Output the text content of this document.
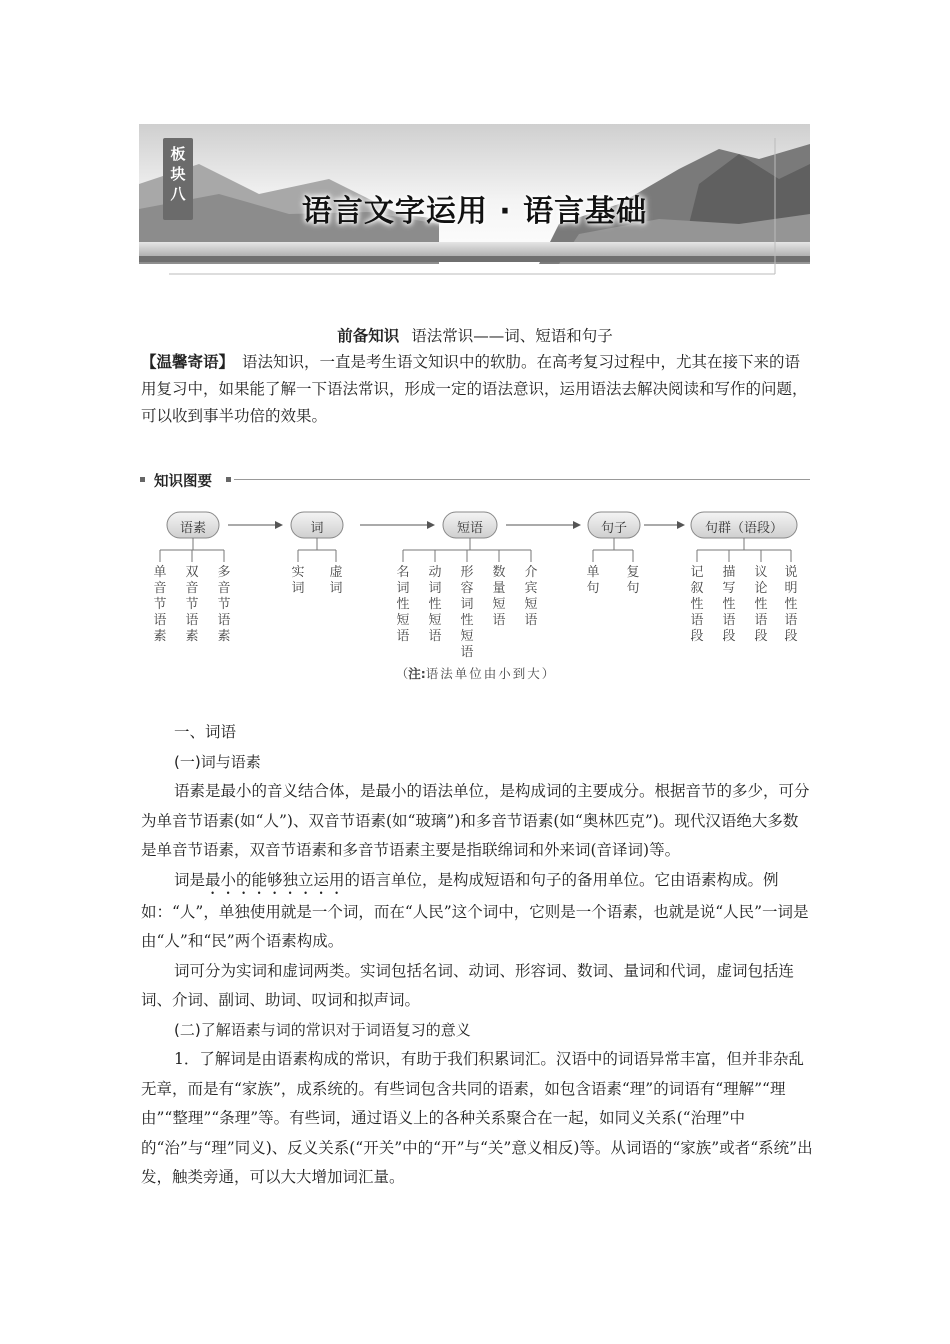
板
块
八	语言文字运用 · 语言基础
前备知识 语法常识——词、短语和句子
【温馨寄语】 语法知识，一直是考生语文知识中的软肋。在高考复习过程中，尤其在接下来的语用复习中，如果能了解一下语法常识，形成一定的语法意识，运用语法去解决阅读和写作的问题，可以收到事半功倍的效果。
知识图要
语素	词	短语	句子	句群（语段）
单音节语素
双音节语素
多音节语素
实词
虚词
名词性短语
动词性短语
形容词性短语
数量短语
介宾短语
单句
复句
记叙性语段
描写性语段
议论性语段
说明性语段
（注:语法单位由小到大）

一、词语

(一)词与语素

语素是最小的音义结合体，是最小的语法单位，是构成词的主要成分。根据音节的多少，可分为单音节语素(如“人”)、双音节语素(如“玻璃”)和多音节语素(如“奥林匹克”)。现代汉语绝大多数是单音节语素，双音节语素和多音节语素主要是指联绵词和外来词(音译词)等。

词是最小的能够独立运用的语言单位，是构成短语和句子的备用单位。它由语素构成。例如：“人”，单独使用就是一个词，而在“人民”这个词中，它则是一个语素，也就是说“人民”一词是由“人”和“民”两个语素构成。

词可分为实词和虚词两类。实词包括名词、动词、形容词、数词、量词和代词，虚词包括连词、介词、副词、助词、叹词和拟声词。

(二)了解语素与词的常识对于词语复习的意义

1．了解词是由语素构成的常识，有助于我们积累词汇。汉语中的词语异常丰富，但并非杂乱无章，而是有“家族”，成系统的。有些词包含共同的语素，如包含语素“理”的词语有“理解”“理由”“整理”“条理”等。有些词，通过语义上的各种关系聚合在一起，如同义关系(“治理”中的“治”与“理”同义)、反义关系(“开关”中的“开”与“关”意义相反)等。从词语的“家族”或者“系统”出发，触类旁通，可以大大增加词汇量。
